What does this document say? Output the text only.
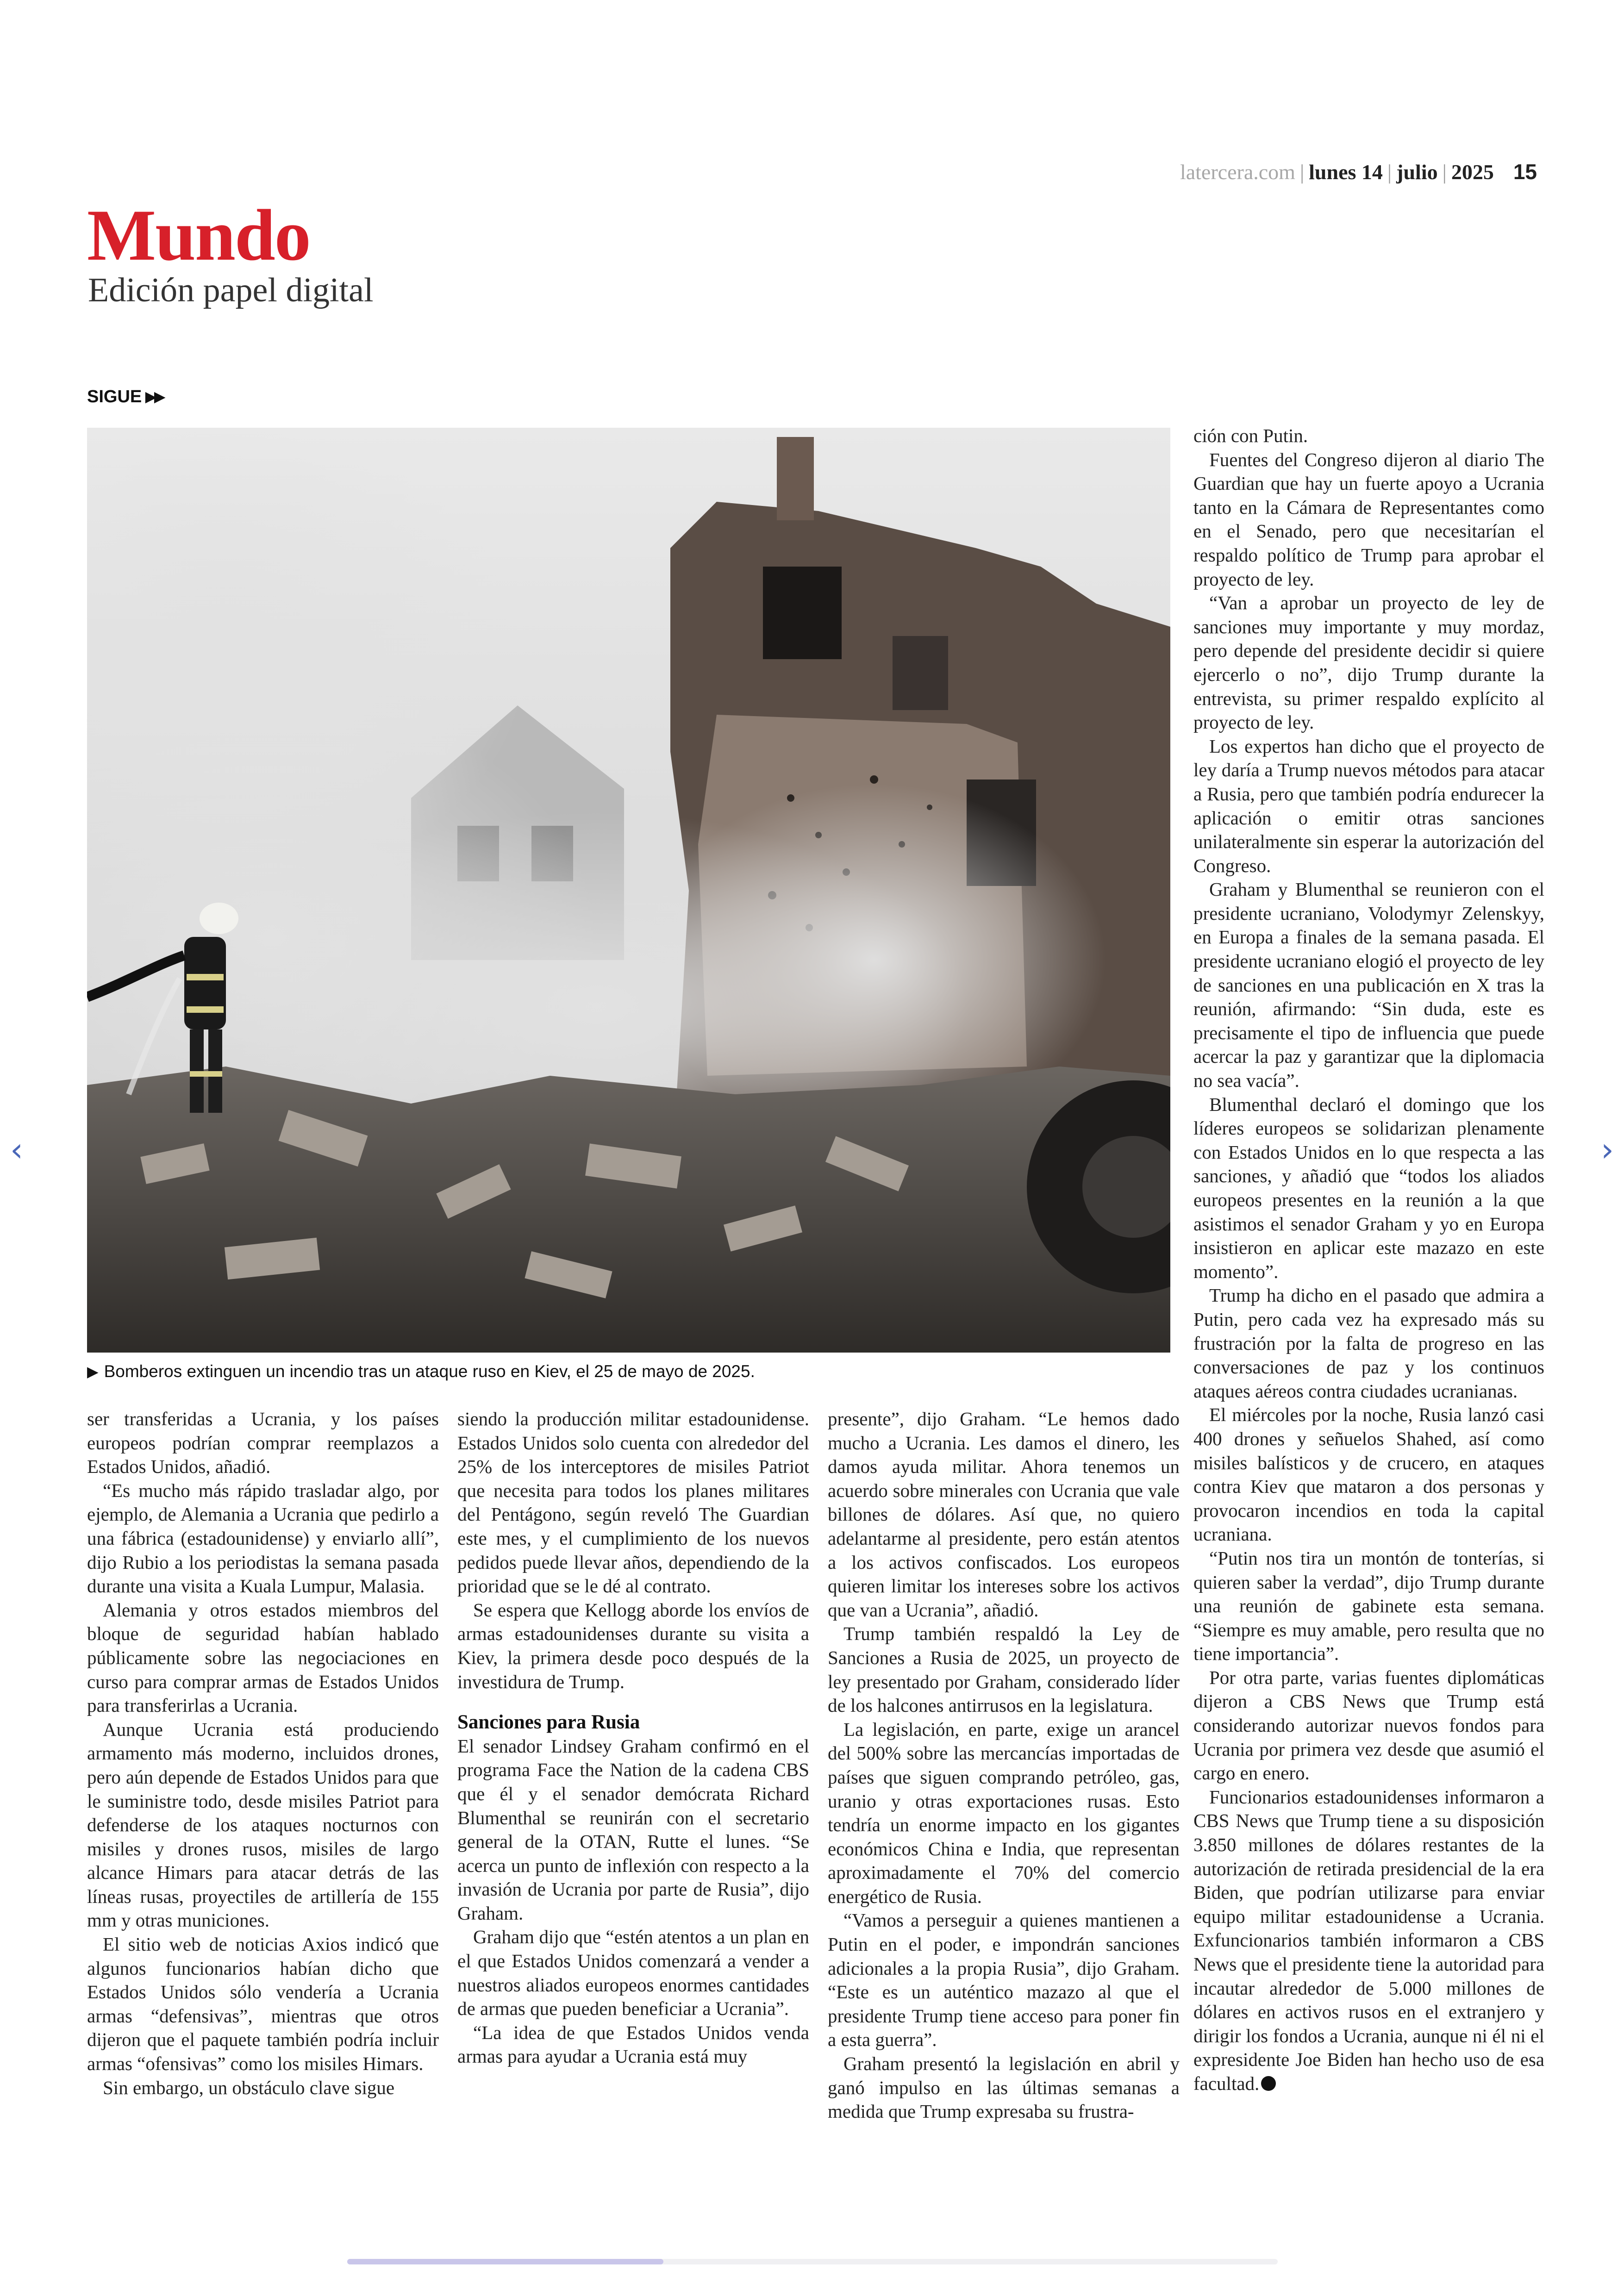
latercera.com | lunes 14 | julio | 2025 15
Mundo
Edición papel digital
SIGUE ▶▶
▶ Bomberos extinguen un incendio tras un ataque ruso en Kiev, el 25 de mayo de 2025.

ser transferidas a Ucrania, y los países europeos podrían comprar reemplazos a Estados Unidos, añadió.

“Es mucho más rápido trasladar algo, por ejemplo, de Alemania a Ucrania que pedirlo a una fábrica (estadounidense) y enviarlo allí”, dijo Rubio a los periodistas la semana pasada durante una visita a Kuala Lumpur, Malasia.

Alemania y otros estados miembros del bloque de seguridad habían hablado públicamente sobre las negociaciones en curso para comprar armas de Estados Unidos para transferirlas a Ucrania.

Aunque Ucrania está produciendo armamento más moderno, incluidos drones, pero aún depende de Estados Unidos para que le suministre todo, desde misiles Patriot para defenderse de los ataques nocturnos con misiles y drones rusos, misiles de largo alcance Himars para atacar detrás de las líneas rusas, proyectiles de artillería de 155 mm y otras municiones.

El sitio web de noticias Axios indicó que algunos funcionarios habían dicho que Estados Unidos sólo vendería a Ucrania armas “defensivas”, mientras que otros dijeron que el paquete también podría incluir armas “ofensivas” como los misiles Himars.

Sin embargo, un obstáculo clave sigue

siendo la producción militar estadounidense. Estados Unidos solo cuenta con alrededor del 25% de los interceptores de misiles Patriot que necesita para todos los planes militares del Pentágono, según reveló The Guardian este mes, y el cumplimiento de los nuevos pedidos puede llevar años, dependiendo de la prioridad que se le dé al contrato.

Se espera que Kellogg aborde los envíos de armas estadounidenses durante su visita a Kiev, la primera desde poco después de la investidura de Trump.

Sanciones para Rusia

El senador Lindsey Graham confirmó en el programa Face the Nation de la cadena CBS que él y el senador demócrata Richard Blumenthal se reunirán con el secretario general de la OTAN, Rutte el lunes. “Se acerca un punto de inflexión con respecto a la invasión de Ucrania por parte de Rusia”, dijo Graham.

Graham dijo que “estén atentos a un plan en el que Estados Unidos comenzará a vender a nuestros aliados europeos enormes cantidades de armas que pueden beneficiar a Ucrania”.

“La idea de que Estados Unidos venda armas para ayudar a Ucrania está muy

presente”, dijo Graham. “Le hemos dado mucho a Ucrania. Les damos el dinero, les damos ayuda militar. Ahora tenemos un acuerdo sobre minerales con Ucrania que vale billones de dólares. Así que, no quiero adelantarme al presidente, pero están atentos a los activos confiscados. Los europeos quieren limitar los intereses sobre los activos que van a Ucrania”, añadió.

Trump también respaldó la Ley de Sanciones a Rusia de 2025, un proyecto de ley presentado por Graham, considerado líder de los halcones antirrusos en la legislatura.

La legislación, en parte, exige un arancel del 500% sobre las mercancías importadas de países que siguen comprando petróleo, gas, uranio y otras exportaciones rusas. Esto tendría un enorme impacto en los gigantes económicos China e India, que representan aproximadamente el 70% del comercio energético de Rusia.

“Vamos a perseguir a quienes mantienen a Putin en el poder, e impondrán sanciones adicionales a la propia Rusia”, dijo Graham. “Este es un auténtico mazazo al que el presidente Trump tiene acceso para poner fin a esta guerra”.

Graham presentó la legislación en abril y ganó impulso en las últimas semanas a medida que Trump expresaba su frustra-

ción con Putin.

Fuentes del Congreso dijeron al diario The Guardian que hay un fuerte apoyo a Ucrania tanto en la Cámara de Representantes como en el Senado, pero que necesitarían el respaldo político de Trump para aprobar el proyecto de ley.

“Van a aprobar un proyecto de ley de sanciones muy importante y muy mordaz, pero depende del presidente decidir si quiere ejercerlo o no”, dijo Trump durante la entrevista, su primer respaldo explícito al proyecto de ley.

Los expertos han dicho que el proyecto de ley daría a Trump nuevos métodos para atacar a Rusia, pero que también podría endurecer la aplicación o emitir otras sanciones unilateralmente sin esperar la autorización del Congreso.

Graham y Blumenthal se reunieron con el presidente ucraniano, Volodymyr Zelenskyy, en Europa a finales de la semana pasada. El presidente ucraniano elogió el proyecto de ley de sanciones en una publicación en X tras la reunión, afirmando: “Sin duda, este es precisamente el tipo de influencia que puede acercar la paz y garantizar que la diplomacia no sea vacía”.

Blumenthal declaró el domingo que los líderes europeos se solidarizan plenamente con Estados Unidos en lo que respecta a las sanciones, y añadió que “todos los aliados europeos presentes en la reunión a la que asistimos el senador Graham y yo en Europa insistieron en aplicar este mazazo en este momento”.

Trump ha dicho en el pasado que admira a Putin, pero cada vez ha expresado más su frustración por la falta de progreso en las conversaciones de paz y los continuos ataques aéreos contra ciudades ucranianas.

El miércoles por la noche, Rusia lanzó casi 400 drones y señuelos Shahed, así como misiles balísticos y de crucero, en ataques contra Kiev que mataron a dos personas y provocaron incendios en toda la capital ucraniana.

“Putin nos tira un montón de tonterías, si quieren saber la verdad”, dijo Trump durante una reunión de gabinete esta semana. “Siempre es muy amable, pero resulta que no tiene importancia”.

Por otra parte, varias fuentes diplomáticas dijeron a CBS News que Trump está considerando autorizar nuevos fondos para Ucrania por primera vez desde que asumió el cargo en enero.

Funcionarios estadounidenses informaron a CBS News que Trump tiene a su disposición 3.850 millones de dólares restantes de la autorización de retirada presidencial de la era Biden, que podrían utilizarse para enviar equipo militar estadounidense a Ucrania. Exfuncionarios también informaron a CBS News que el presidente tiene la autoridad para incautar alrededor de 5.000 millones de dólares en activos rusos en el extranjero y dirigir los fondos a Ucrania, aunque ni él ni el expresidente Joe Biden han hecho uso de esa facultad.

‹	›
